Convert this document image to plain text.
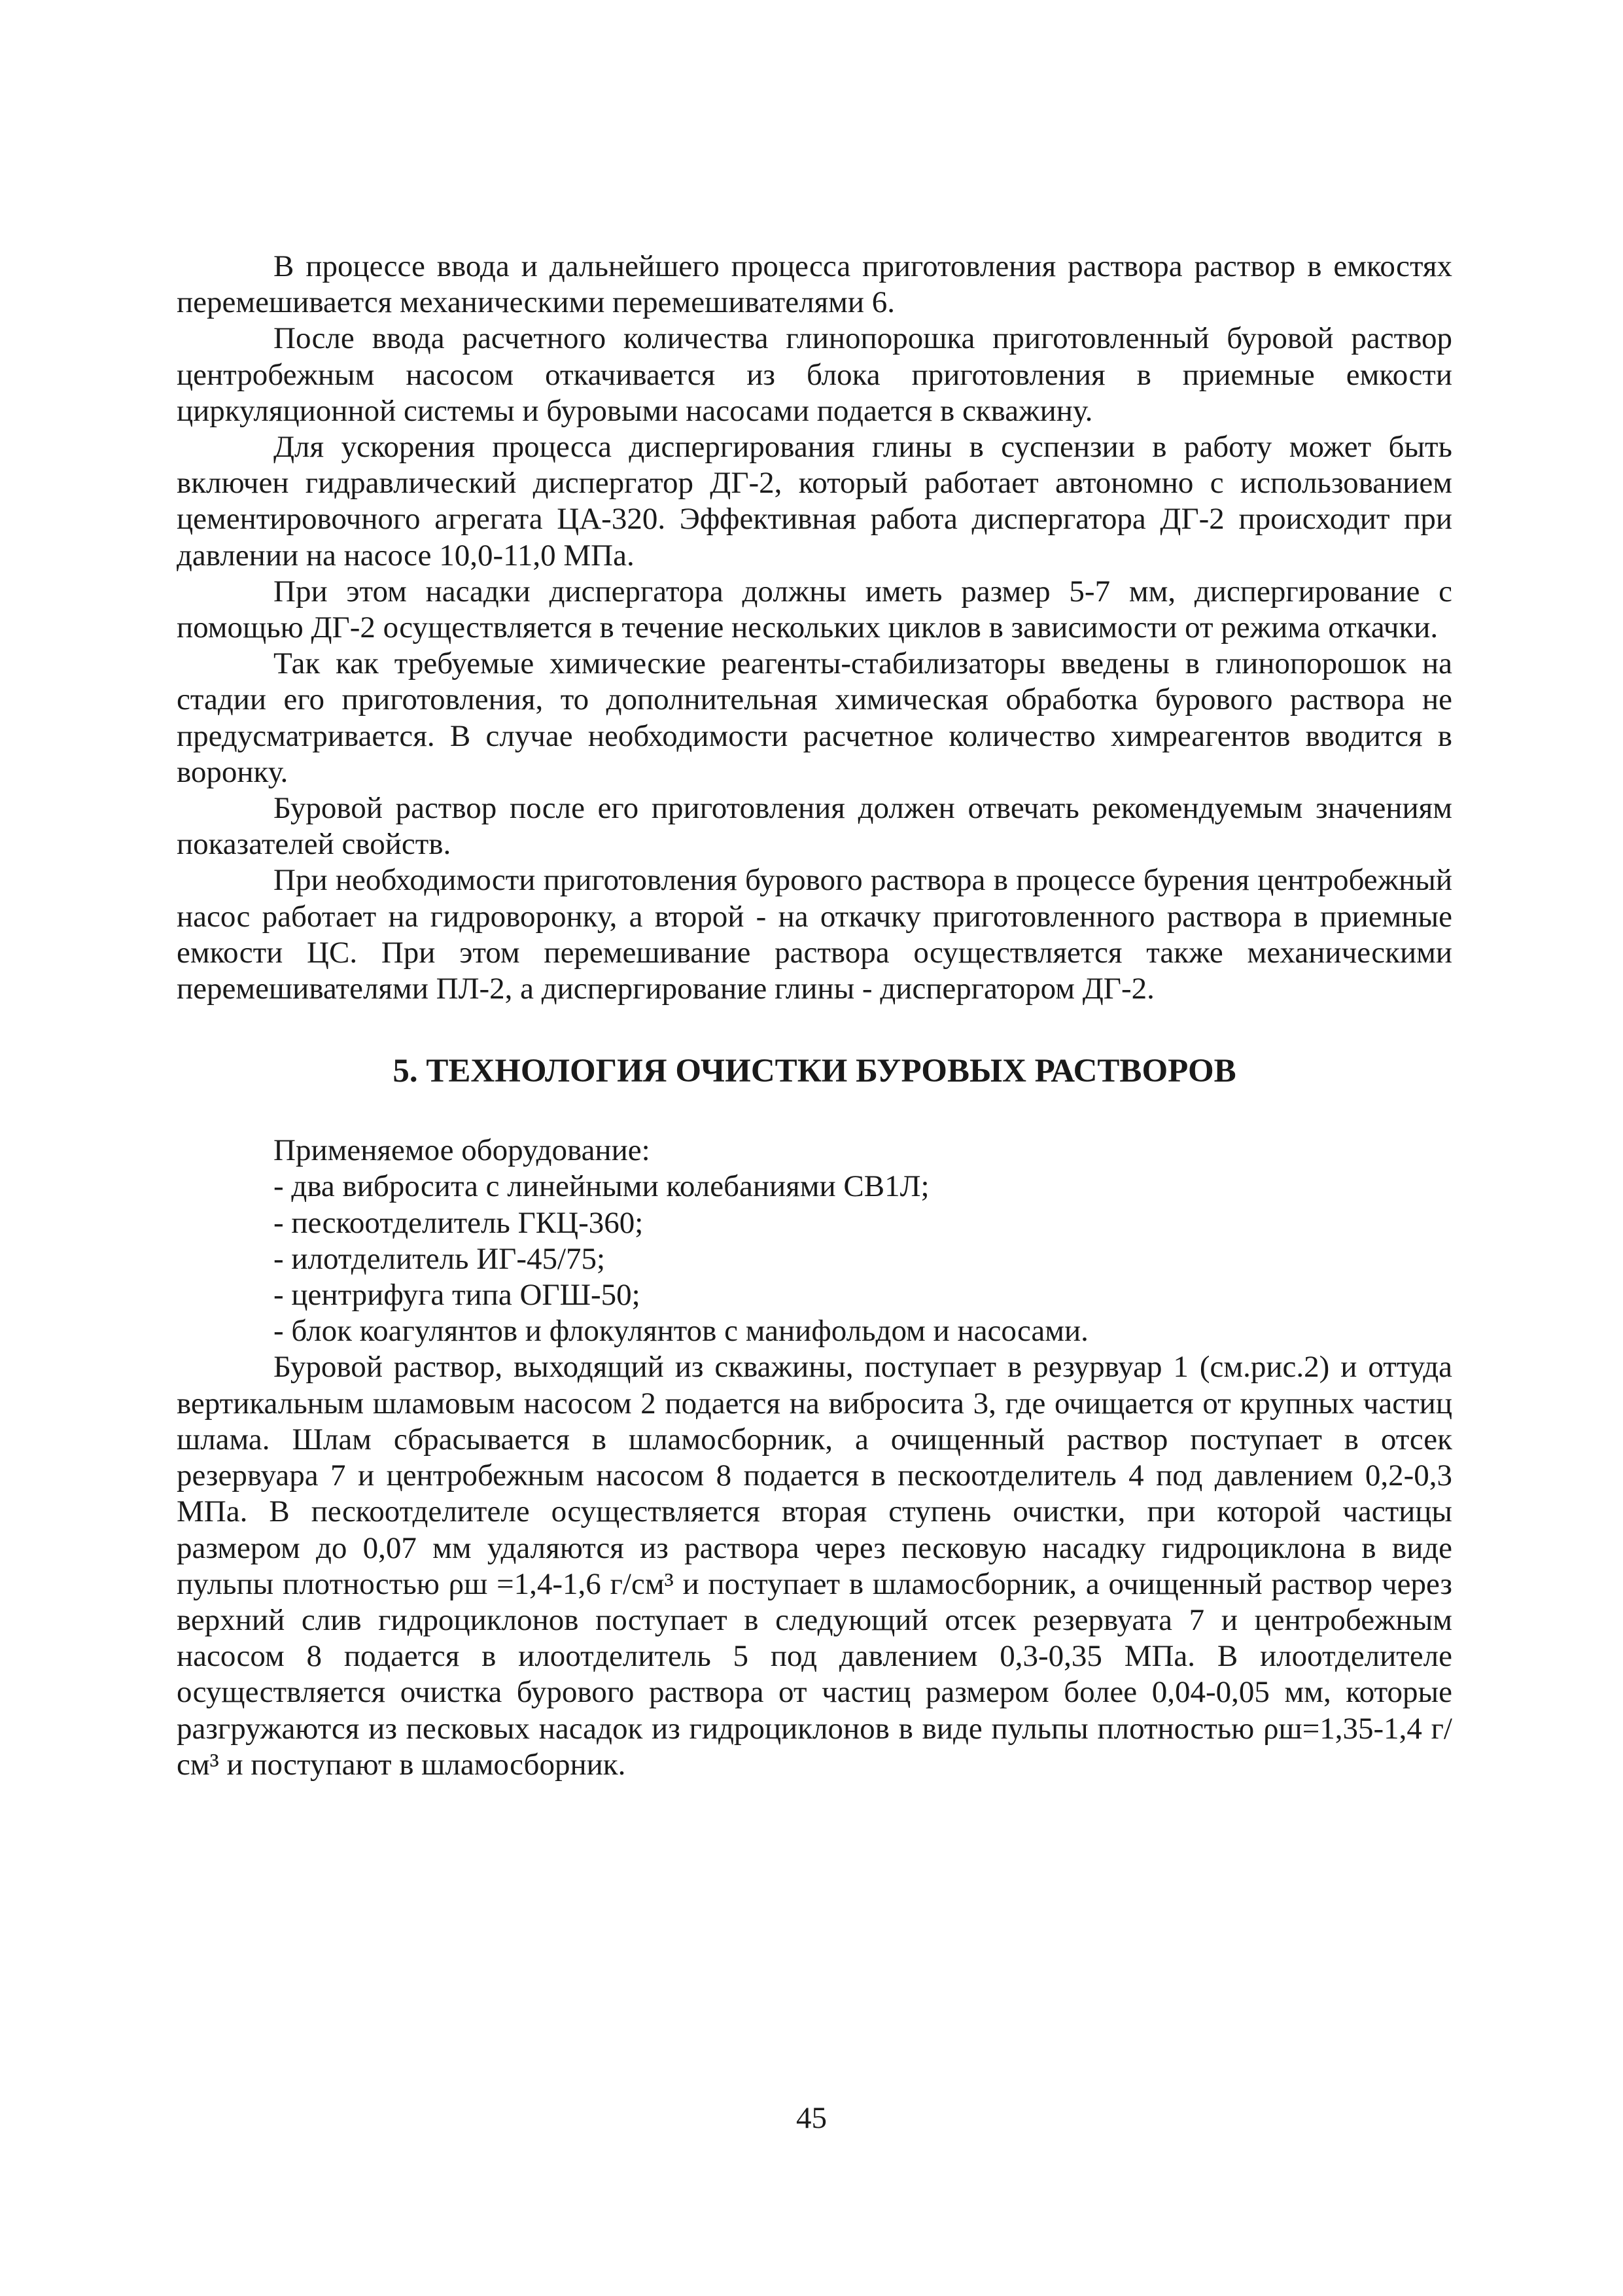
В процессе ввода и дальнейшего процесса приготовления раствора раствор в емкостях перемешивается механическими перемешивателями 6.

После ввода расчетного количества глинопорошка приготовленный буровой раствор центробежным насосом откачивается из блока приготовления в приемные емкости циркуляционной системы и буровыми насосами подается в скважину.

Для ускорения процесса диспергирования глины в суспензии в работу может быть включен гидравлический диспергатор ДГ-2, который работает автономно с использованием цементировочного агрегата ЦА-320. Эффективная работа диспергатора ДГ-2 происходит при давлении на насосе 10,0-11,0 МПа.

При этом насадки диспергатора должны иметь размер 5-7 мм, диспергирование с помощью ДГ-2 осуществляется в течение нескольких циклов в зависимости от режима откачки.

Так как требуемые химические реагенты-стабилизаторы введены в глинопорошок на стадии его приготовления, то дополнительная химическая обработка бурового раствора не предусматривается. В случае необходимости расчетное количество химреагентов вводится в воронку.

Буровой раствор после его приготовления должен отвечать рекомендуемым значениям показателей свойств.

При необходимости приготовления бурового раствора в процессе бурения центробежный насос работает на гидроворонку, а второй - на откачку приготовленного раствора в приемные емкости ЦС. При этом перемешивание раствора осуществляется также механическими перемешивателями ПЛ-2, а диспергирование глины - диспергатором ДГ-2.

5. ТЕХНОЛОГИЯ ОЧИСТКИ БУРОВЫХ РАСТВОРОВ

Применяемое оборудование:

- два вибросита с линейными колебаниями СВ1Л;
- пескоотделитель ГКЦ-360;
- илотделитель ИГ-45/75;
- центрифуга типа ОГШ-50;
- блок коагулянтов и флокулянтов с манифольдом и насосами.

Буровой раствор, выходящий из скважины, поступает в резурвуар 1 (см.рис.2) и оттуда вертикальным шламовым насосом 2 подается на вибросита 3, где очищается от крупных частиц шлама. Шлам сбрасывается в шламосборник, а очищенный раствор поступает в отсек резервуара 7 и центробежным насосом 8 подается в пескоотделитель 4 под давлением 0,2-0,3 МПа. В пескоотделителе осуществляется вторая ступень очистки, при которой частицы размером до 0,07 мм удаляются из раствора через песковую насадку гидроциклона в виде пульпы плотностью ρш =1,4-1,6 г/см³ и поступает в шламосборник, а очищенный раствор через верхний слив гидроциклонов поступает в следующий отсек резервуата 7 и центробежным насосом 8 подается в илоотделитель 5 под давлением 0,3-0,35 МПа. В илоотделителе осуществляется очистка бурового раствора от частиц размером более 0,04-0,05 мм, которые разгружаются из песковых насадок из гидроциклонов в виде пульпы плотностью ρш=1,35-1,4 г/см³ и поступают в шламосборник.

45
